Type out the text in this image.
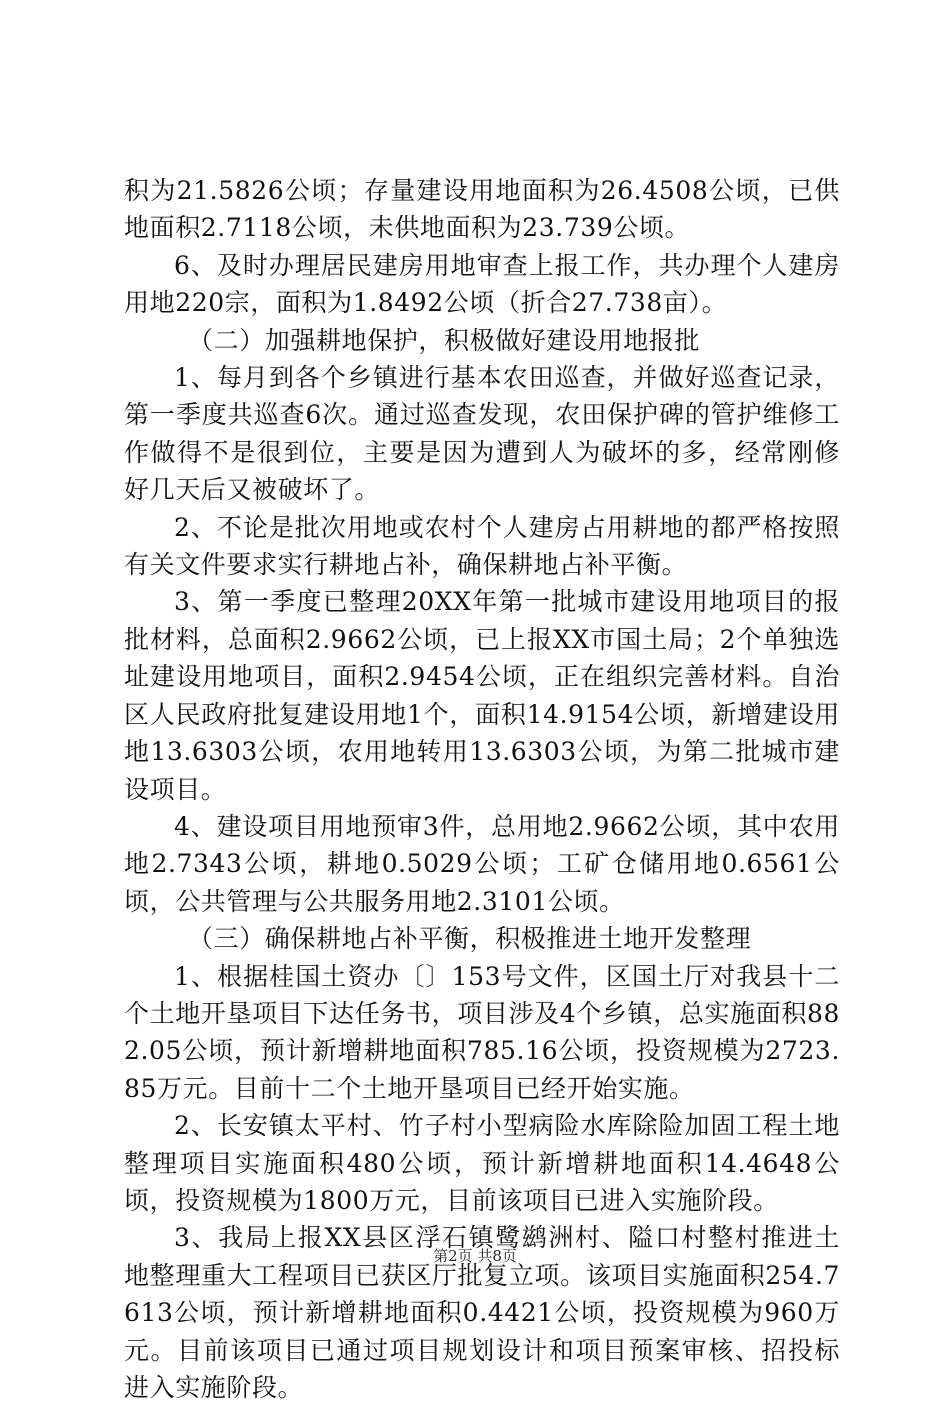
积为21.5826公顷；存量建设用地面积为26.4508公顷，已供地面积2.7118公顷，未供地面积为23.739公顷。

6、及时办理居民建房用地审查上报工作，共办理个人建房用地220宗，面积为1.8492公顷（折合27.738亩）。

（二）加强耕地保护，积极做好建设用地报批

1、每月到各个乡镇进行基本农田巡查，并做好巡查记录，第一季度共巡查6次。通过巡查发现，农田保护碑的管护维修工作做得不是很到位，主要是因为遭到人为破坏的多，经常刚修好几天后又被破坏了。

2、不论是批次用地或农村个人建房占用耕地的都严格按照有关文件要求实行耕地占补，确保耕地占补平衡。

3、第一季度已整理20XX年第一批城市建设用地项目的报批材料，总面积2.9662公顷，已上报XX市国土局；2个单独选址建设用地项目，面积2.9454公顷，正在组织完善材料。自治区人民政府批复建设用地1个，面积14.9154公顷，新增建设用地13.6303公顷，农用地转用13.6303公顷，为第二批城市建设项目。

4、建设项目用地预审3件，总用地2.9662公顷，其中农用地2.7343公顷，耕地0.5029公顷；工矿仓储用地0.6561公顷，公共管理与公共服务用地2.3101公顷。

（三）确保耕地占补平衡，积极推进土地开发整理

1、根据桂国土资办〔〕153号文件，区国土厅对我县十二个土地开垦项目下达任务书，项目涉及4个乡镇，总实施面积882.05公顷，预计新增耕地面积785.16公顷，投资规模为2723.85万元。目前十二个土地开垦项目已经开始实施。

2、长安镇太平村、竹子村小型病险水库除险加固工程土地整理项目实施面积480公顷，预计新增耕地面积14.4648公顷，投资规模为1800万元，目前该项目已进入实施阶段。

3、我局上报XX县区浮石镇鹭鹚洲村、隘口村整村推进土地整理重大工程项目已获区厅批复立项。该项目实施面积254.7613公顷，预计新增耕地面积0.4421公顷，投资规模为960万元。目前该项目已通过项目规划设计和项目预案审核、招投标进入实施阶段。

第2页 共8页
